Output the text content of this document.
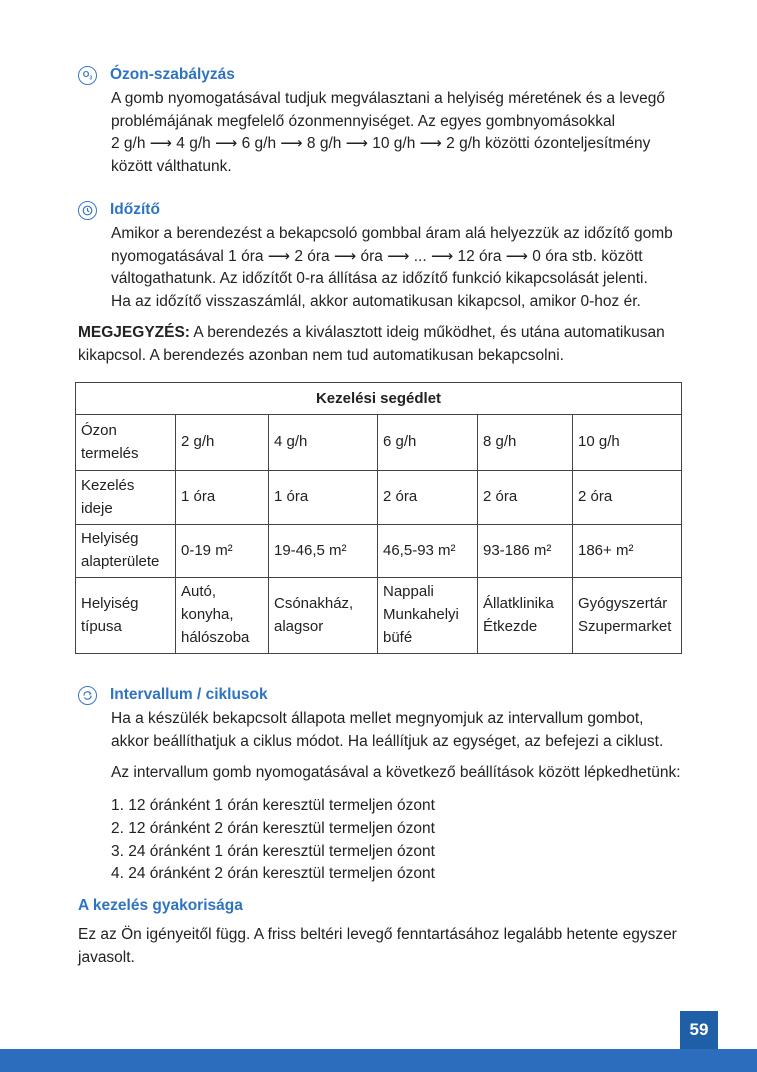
$O_3$ Ózon-szabályzás

A gomb nyomogatásával tudjuk megválasztani a helyiség méretének és a levegő

problémájának megfelelő ózonmennyiséget. Az egyes gombnyomásokkal

2 g/h ⟶ 4 g/h ⟶ 6 g/h ⟶ 8 g/h ⟶ 10 g/h ⟶ 2 g/h közötti ózonteljesítmény

között válthatunk.

Időzítő

Amikor a berendezést a bekapcsoló gombbal áram alá helyezzük az időzítő gomb

nyomogatásával 1 óra ⟶ 2 óra ⟶ óra ⟶ ... ⟶ 12 óra ⟶ 0 óra stb. között

váltogathatunk. Az időzítőt 0-ra állítása az időzítő funkció kikapcsolását jelenti.

Ha az időzítő visszaszámlál, akkor automatikusan kikapcsol, amikor 0-hoz ér.

MEGJEGYZÉS: A berendezés a kiválasztott ideig működhet, és utána automatikusan kikapcsol. A berendezés azonban nem tud automatikusan bekapcsolni.
Kezelési segédlet					
Ózon termelés	2 g/h	4 g/h	6 g/h	8 g/h	10 g/h
Kezelés ideje	1 óra	1 óra	2 óra	2 óra	2 óra
Helyiség alapterülete	0-19 m²	19-46,5 m²	46,5-93 m²	93-186 m²	186+ m²
Helyiség típusa	Autó, konyha, hálószoba	Csónakház, alagsor	Nappali Munkahelyi büfé	Állatklinika Étkezde	Gyógyszertár Szupermarket
Intervallum / ciklusok

Ha a készülék bekapcsolt állapota mellet megnyomjuk az intervallum gombot,

akkor beállíthatjuk a ciklus módot. Ha leállítjuk az egységet, az befejezi a ciklust.

Az intervallum gomb nyomogatásával a következő beállítások között lépkedhetünk:

1. 12 óránként 1 órán keresztül termeljen ózont
2. 12 óránként 2 órán keresztül termeljen ózont
3. 24 óránként 1 órán keresztül termeljen ózont
4. 24 óránként 2 órán keresztül termeljen ózont
A kezelés gyakorisága
Ez az Ön igényeitől függ. A friss beltéri levegő fenntartásához legalább hetente egyszer javasolt.
59
